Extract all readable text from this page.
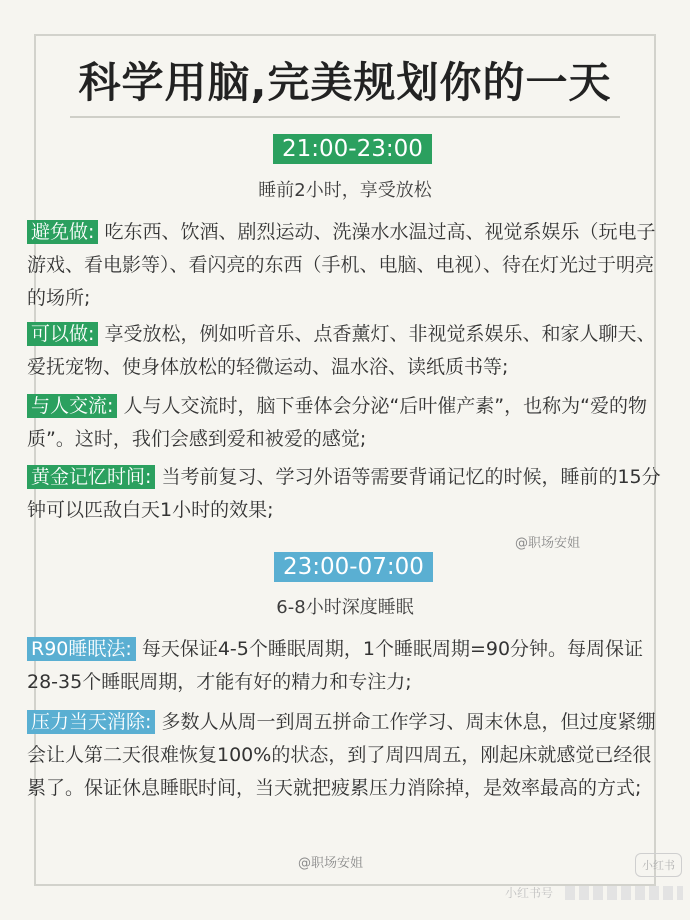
科学用脑,完美规划你的一天
21:00-23:00
睡前2小时，享受放松
避免做: 吃东西、饮酒、剧烈运动、洗澡水水温过高、视觉系娱乐（玩电子游戏、看电影等）、看闪亮的东西（手机、电脑、电视）、待在灯光过于明亮的场所;
可以做: 享受放松，例如听音乐、点香薰灯、非视觉系娱乐、和家人聊天、爱抚宠物、使身体放松的轻微运动、温水浴、读纸质书等;
与人交流: 人与人交流时，脑下垂体会分泌“后叶催产素”，也称为“爱的物质”。这时，我们会感到爱和被爱的感觉;
黄金记忆时间: 当考前复习、学习外语等需要背诵记忆的时候，睡前的15分钟可以匹敌白天1小时的效果;
@职场安姐
23:00-07:00
6-8小时深度睡眠
R90睡眠法: 每天保证4-5个睡眠周期，1个睡眠周期=90分钟。每周保证28-35个睡眠周期，才能有好的精力和专注力;
压力当天消除: 多数人从周一到周五拼命工作学习、周末休息，但过度紧绷会让人第二天很难恢复100%的状态，到了周四周五，刚起床就感觉已经很累了。保证休息睡眠时间，当天就把疲累压力消除掉，是效率最高的方式;
@职场安姐	小红书
小红书号
